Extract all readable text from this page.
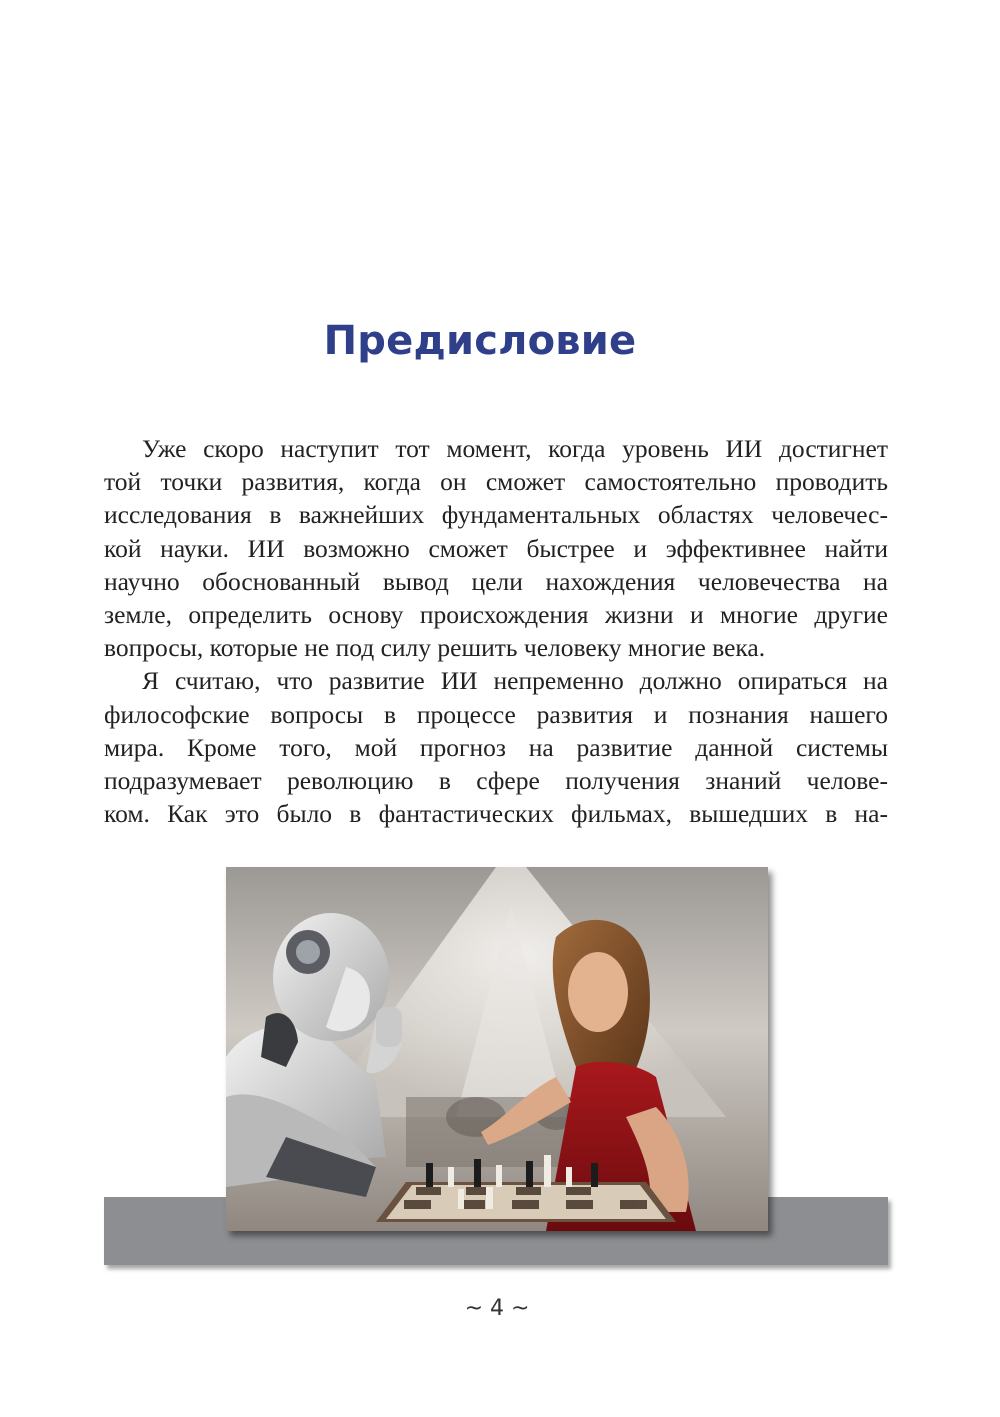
Предисловие

Уже скоро наступит тот момент, когда уровень ИИ достигнет
той точки развития, когда он сможет самостоятельно проводить
исследования в важнейших фундаментальных областях человечес-
кой науки. ИИ возможно сможет быстрее и эффективнее найти
научно обоснованный вывод цели нахождения человечества на
земле, определить основу происхождения жизни и многие другие
вопросы, которые не под силу решить человеку многие века.

Я считаю, что развитие ИИ непременно должно опираться на
философские вопросы в процессе развития и познания нашего
мира. Кроме того, мой прогноз на развитие данной системы
подразумевает революцию в сфере получения знаний челове-
ком. Как это было в фантастических фильмах, вышедших в на-

~ 4 ~
